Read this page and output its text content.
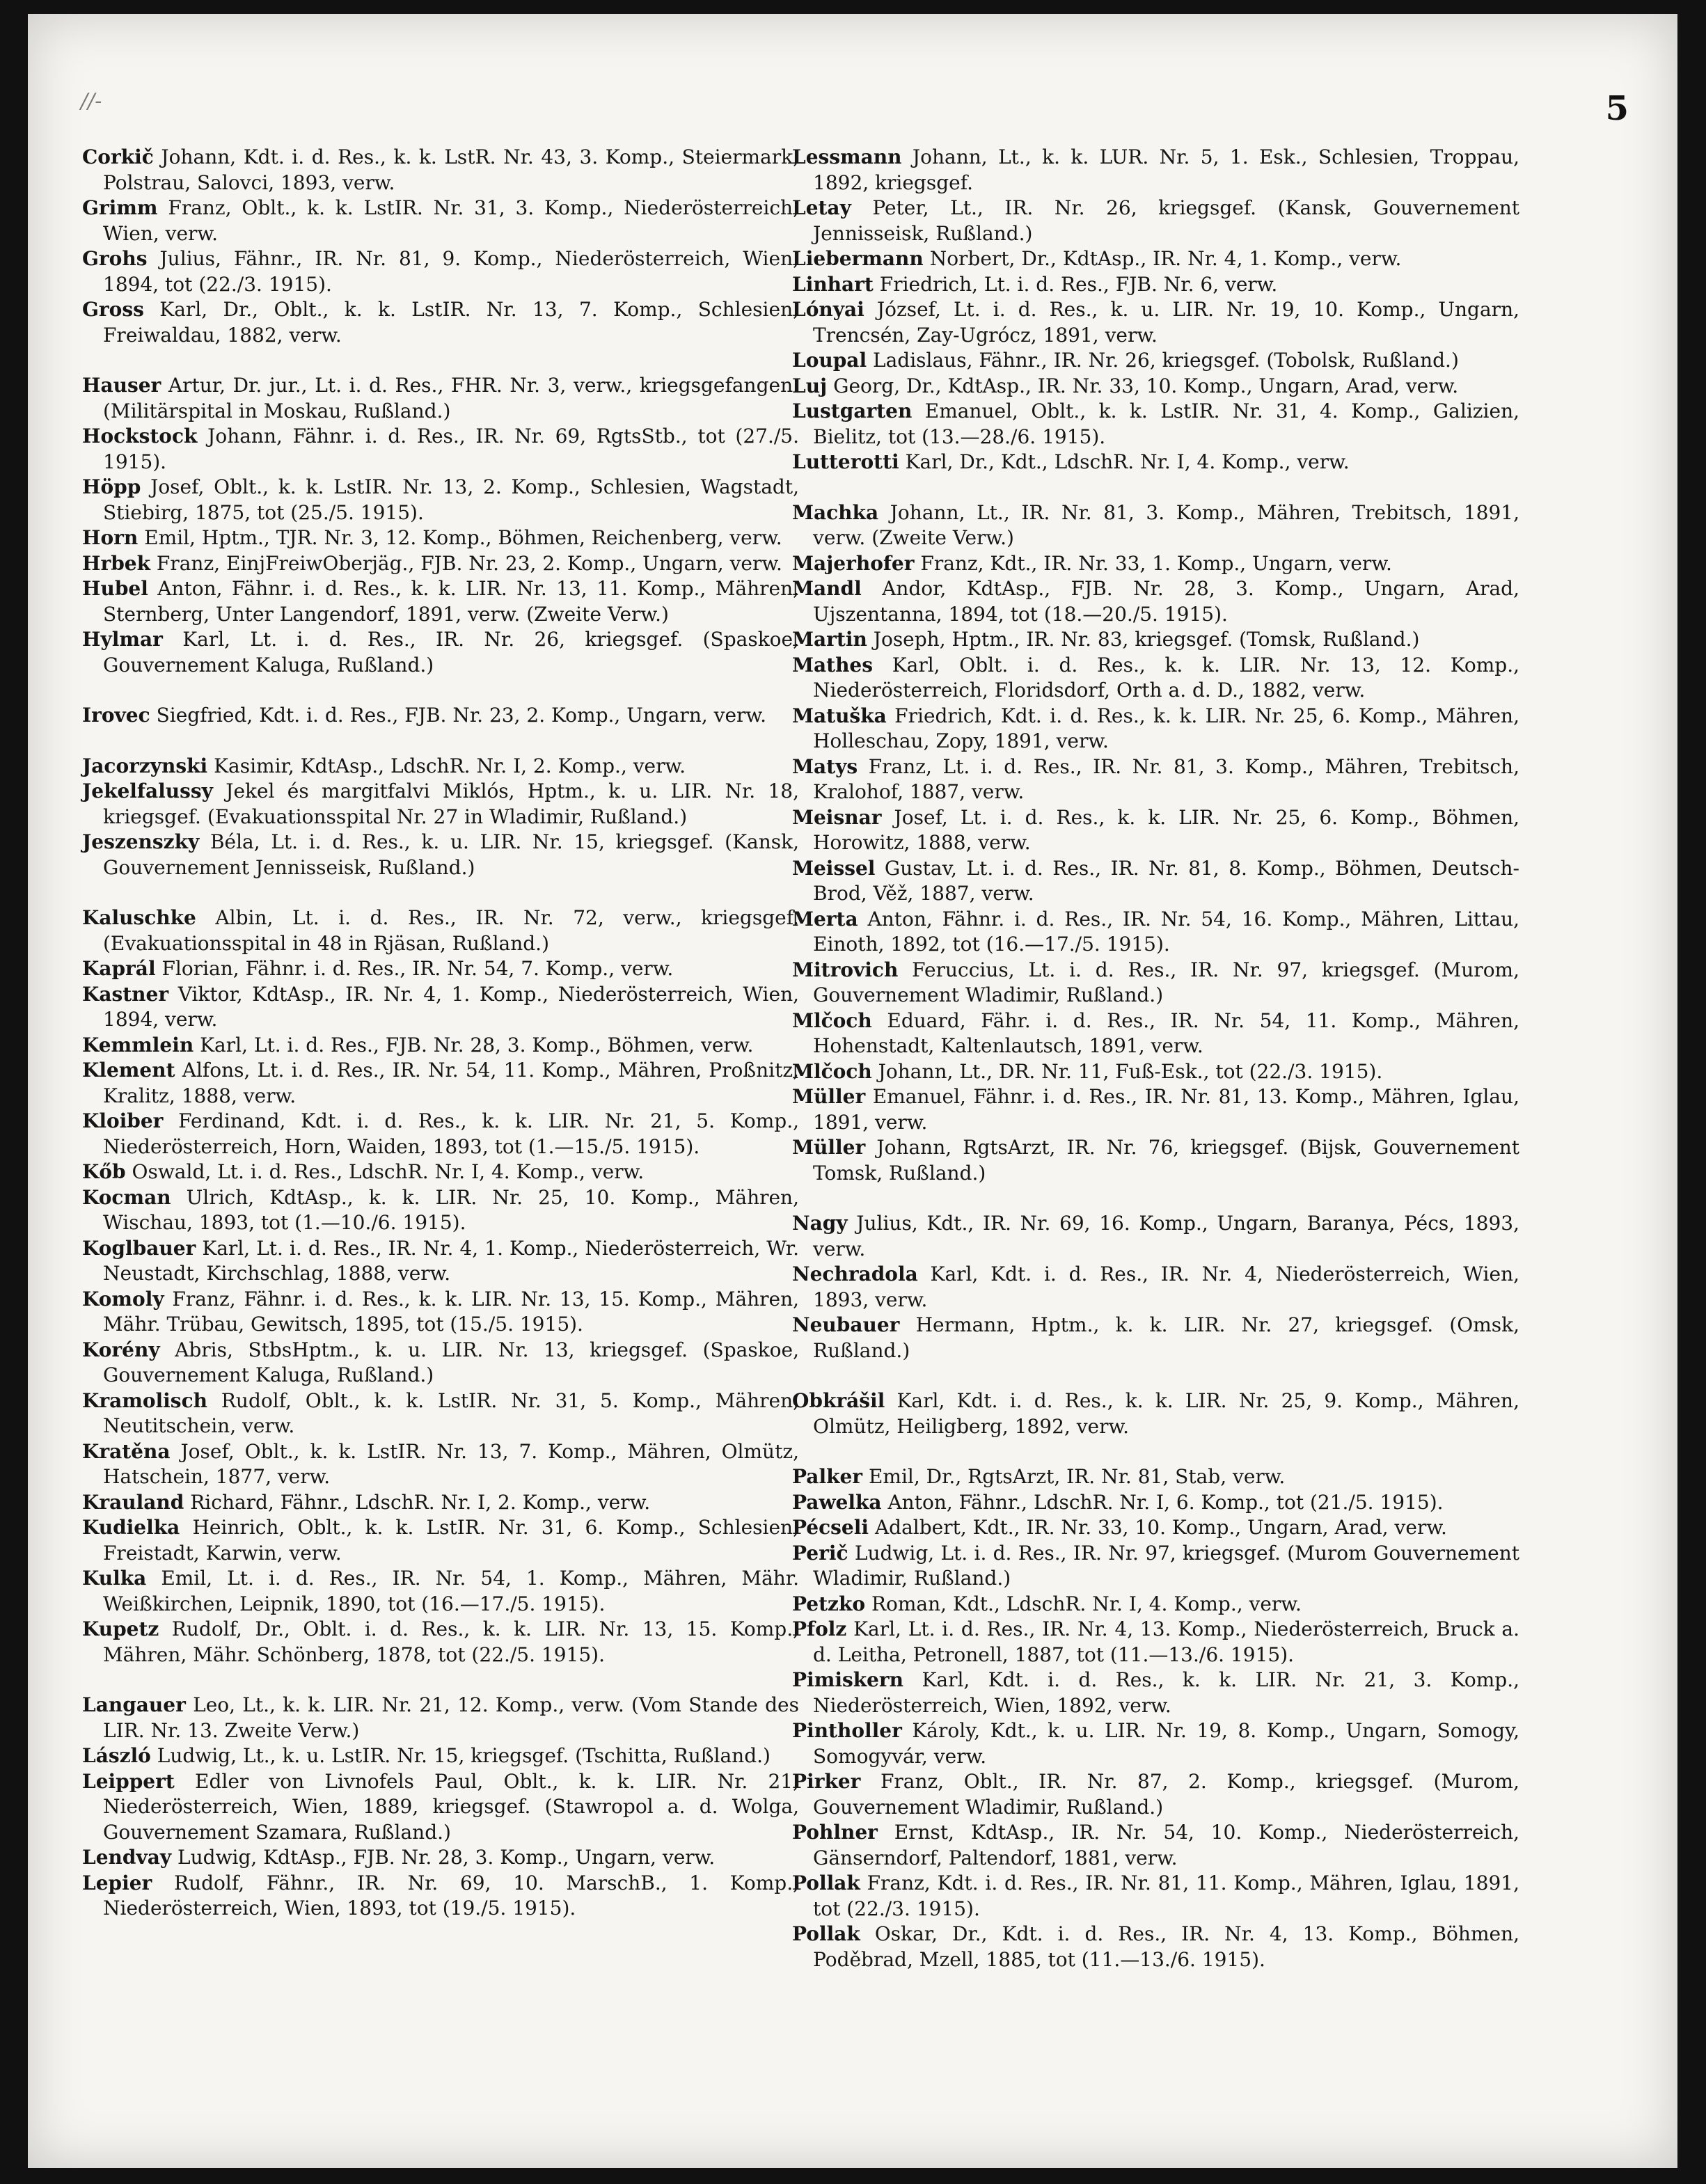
//-	5

Corkič Johann, Kdt. i. d. Res., k. k. LstR. Nr. 43, 3. Komp., Steiermark, Polstrau, Salovci, 1893, verw.

Grimm Franz, Oblt., k. k. LstIR. Nr. 31, 3. Komp., Niederösterreich, Wien, verw.

Grohs Julius, Fähnr., IR. Nr. 81, 9. Komp., Niederösterreich, Wien, 1894, tot (22./3. 1915).

Gross Karl, Dr., Oblt., k. k. LstIR. Nr. 13, 7. Komp., Schlesien, Freiwaldau, 1882, verw.

Hauser Artur, Dr. jur., Lt. i. d. Res., FHR. Nr. 3, verw., kriegsgefangen. (Militärspital in Moskau, Rußland.)

Hockstock Johann, Fähnr. i. d. Res., IR. Nr. 69, RgtsStb., tot (27./5. 1915).

Höpp Josef, Oblt., k. k. LstIR. Nr. 13, 2. Komp., Schlesien, Wagstadt, Stiebirg, 1875, tot (25./5. 1915).

Horn Emil, Hptm., TJR. Nr. 3, 12. Komp., Böhmen, Reichenberg, verw.

Hrbek Franz, EinjFreiwOberjäg., FJB. Nr. 23, 2. Komp., Ungarn, verw.

Hubel Anton, Fähnr. i. d. Res., k. k. LIR. Nr. 13, 11. Komp., Mähren, Sternberg, Unter Langendorf, 1891, verw. (Zweite Verw.)

Hylmar Karl, Lt. i. d. Res., IR. Nr. 26, kriegsgef. (Spaskoe, Gouvernement Kaluga, Rußland.)

Irovec Siegfried, Kdt. i. d. Res., FJB. Nr. 23, 2. Komp., Ungarn, verw.

Jacorzynski Kasimir, KdtAsp., LdschR. Nr. I, 2. Komp., verw.

Jekelfalussy Jekel és margitfalvi Miklós, Hptm., k. u. LIR. Nr. 18, kriegsgef. (Evakuationsspital Nr. 27 in Wladimir, Rußland.)

Jeszenszky Béla, Lt. i. d. Res., k. u. LIR. Nr. 15, kriegsgef. (Kansk, Gouvernement Jennisseisk, Rußland.)

Kaluschke Albin, Lt. i. d. Res., IR. Nr. 72, verw., kriegsgef. (Evakuationsspital in 48 in Rjäsan, Rußland.)

Kaprál Florian, Fähnr. i. d. Res., IR. Nr. 54, 7. Komp., verw.

Kastner Viktor, KdtAsp., IR. Nr. 4, 1. Komp., Niederösterreich, Wien, 1894, verw.

Kemmlein Karl, Lt. i. d. Res., FJB. Nr. 28, 3. Komp., Böhmen, verw.

Klement Alfons, Lt. i. d. Res., IR. Nr. 54, 11. Komp., Mähren, Proßnitz, Kralitz, 1888, verw.

Kloiber Ferdinand, Kdt. i. d. Res., k. k. LIR. Nr. 21, 5. Komp., Niederösterreich, Horn, Waiden, 1893, tot (1.—15./5. 1915).

Kőb Oswald, Lt. i. d. Res., LdschR. Nr. I, 4. Komp., verw.

Kocman Ulrich, KdtAsp., k. k. LIR. Nr. 25, 10. Komp., Mähren, Wischau, 1893, tot (1.—10./6. 1915).

Koglbauer Karl, Lt. i. d. Res., IR. Nr. 4, 1. Komp., Niederösterreich, Wr. Neustadt, Kirchschlag, 1888, verw.

Komoly Franz, Fähnr. i. d. Res., k. k. LIR. Nr. 13, 15. Komp., Mähren, Mähr. Trübau, Gewitsch, 1895, tot (15./5. 1915).

Korény Abris, StbsHptm., k. u. LIR. Nr. 13, kriegsgef. (Spaskoe, Gouvernement Kaluga, Rußland.)

Kramolisch Rudolf, Oblt., k. k. LstIR. Nr. 31, 5. Komp., Mähren, Neutitschein, verw.

Kratěna Josef, Oblt., k. k. LstIR. Nr. 13, 7. Komp., Mähren, Olmütz, Hatschein, 1877, verw.

Krauland Richard, Fähnr., LdschR. Nr. I, 2. Komp., verw.

Kudielka Heinrich, Oblt., k. k. LstIR. Nr. 31, 6. Komp., Schlesien, Freistadt, Karwin, verw.

Kulka Emil, Lt. i. d. Res., IR. Nr. 54, 1. Komp., Mähren, Mähr. Weißkirchen, Leipnik, 1890, tot (16.—17./5. 1915).

Kupetz Rudolf, Dr., Oblt. i. d. Res., k. k. LIR. Nr. 13, 15. Komp., Mähren, Mähr. Schönberg, 1878, tot (22./5. 1915).

Langauer Leo, Lt., k. k. LIR. Nr. 21, 12. Komp., verw. (Vom Stande des LIR. Nr. 13. Zweite Verw.)

László Ludwig, Lt., k. u. LstIR. Nr. 15, kriegsgef. (Tschitta, Rußland.)

Leippert Edler von Livnofels Paul, Oblt., k. k. LIR. Nr. 21, Niederösterreich, Wien, 1889, kriegsgef. (Stawropol a. d. Wolga, Gouvernement Szamara, Rußland.)

Lendvay Ludwig, KdtAsp., FJB. Nr. 28, 3. Komp., Ungarn, verw.

Lepier Rudolf, Fähnr., IR. Nr. 69, 10. MarschB., 1. Komp., Niederösterreich, Wien, 1893, tot (19./5. 1915).

Lessmann Johann, Lt., k. k. LUR. Nr. 5, 1. Esk., Schlesien, Troppau, 1892, kriegsgef.

Letay Peter, Lt., IR. Nr. 26, kriegsgef. (Kansk, Gouvernement Jennisseisk, Rußland.)

Liebermann Norbert, Dr., KdtAsp., IR. Nr. 4, 1. Komp., verw.

Linhart Friedrich, Lt. i. d. Res., FJB. Nr. 6, verw.

Lónyai József, Lt. i. d. Res., k. u. LIR. Nr. 19, 10. Komp., Ungarn, Trencsén, Zay-Ugrócz, 1891, verw.

Loupal Ladislaus, Fähnr., IR. Nr. 26, kriegsgef. (Tobolsk, Rußland.)

Luj Georg, Dr., KdtAsp., IR. Nr. 33, 10. Komp., Ungarn, Arad, verw.

Lustgarten Emanuel, Oblt., k. k. LstIR. Nr. 31, 4. Komp., Galizien, Bielitz, tot (13.—28./6. 1915).

Lutterotti Karl, Dr., Kdt., LdschR. Nr. I, 4. Komp., verw.

Machka Johann, Lt., IR. Nr. 81, 3. Komp., Mähren, Trebitsch, 1891, verw. (Zweite Verw.)

Majerhofer Franz, Kdt., IR. Nr. 33, 1. Komp., Ungarn, verw.

Mandl Andor, KdtAsp., FJB. Nr. 28, 3. Komp., Ungarn, Arad, Ujszentanna, 1894, tot (18.—20./5. 1915).

Martin Joseph, Hptm., IR. Nr. 83, kriegsgef. (Tomsk, Rußland.)

Mathes Karl, Oblt. i. d. Res., k. k. LIR. Nr. 13, 12. Komp., Niederösterreich, Floridsdorf, Orth a. d. D., 1882, verw.

Matuška Friedrich, Kdt. i. d. Res., k. k. LIR. Nr. 25, 6. Komp., Mähren, Holleschau, Zopy, 1891, verw.

Matys Franz, Lt. i. d. Res., IR. Nr. 81, 3. Komp., Mähren, Trebitsch, Kralohof, 1887, verw.

Meisnar Josef, Lt. i. d. Res., k. k. LIR. Nr. 25, 6. Komp., Böhmen, Horowitz, 1888, verw.

Meissel Gustav, Lt. i. d. Res., IR. Nr. 81, 8. Komp., Böhmen, Deutsch-Brod, Věž, 1887, verw.

Merta Anton, Fähnr. i. d. Res., IR. Nr. 54, 16. Komp., Mähren, Littau, Einoth, 1892, tot (16.—17./5. 1915).

Mitrovich Feruccius, Lt. i. d. Res., IR. Nr. 97, kriegsgef. (Murom, Gouvernement Wladimir, Rußland.)

Mlčoch Eduard, Fähr. i. d. Res., IR. Nr. 54, 11. Komp., Mähren, Hohenstadt, Kaltenlautsch, 1891, verw.

Mlčoch Johann, Lt., DR. Nr. 11, Fuß-Esk., tot (22./3. 1915).

Müller Emanuel, Fähnr. i. d. Res., IR. Nr. 81, 13. Komp., Mähren, Iglau, 1891, verw.

Müller Johann, RgtsArzt, IR. Nr. 76, kriegsgef. (Bijsk, Gouvernement Tomsk, Rußland.)

Nagy Julius, Kdt., IR. Nr. 69, 16. Komp., Ungarn, Baranya, Pécs, 1893, verw.

Nechradola Karl, Kdt. i. d. Res., IR. Nr. 4, Niederösterreich, Wien, 1893, verw.

Neubauer Hermann, Hptm., k. k. LIR. Nr. 27, kriegsgef. (Omsk, Rußland.)

Obkrášil Karl, Kdt. i. d. Res., k. k. LIR. Nr. 25, 9. Komp., Mähren, Olmütz, Heiligberg, 1892, verw.

Palker Emil, Dr., RgtsArzt, IR. Nr. 81, Stab, verw.

Pawelka Anton, Fähnr., LdschR. Nr. I, 6. Komp., tot (21./5. 1915).

Pécseli Adalbert, Kdt., IR. Nr. 33, 10. Komp., Ungarn, Arad, verw.

Perič Ludwig, Lt. i. d. Res., IR. Nr. 97, kriegsgef. (Murom Gouvernement Wladimir, Rußland.)

Petzko Roman, Kdt., LdschR. Nr. I, 4. Komp., verw.

Pfolz Karl, Lt. i. d. Res., IR. Nr. 4, 13. Komp., Niederösterreich, Bruck a. d. Leitha, Petronell, 1887, tot (11.—13./6. 1915).

Pimiskern Karl, Kdt. i. d. Res., k. k. LIR. Nr. 21, 3. Komp., Niederösterreich, Wien, 1892, verw.

Pintholler Károly, Kdt., k. u. LIR. Nr. 19, 8. Komp., Ungarn, Somogy, Somogyvár, verw.

Pirker Franz, Oblt., IR. Nr. 87, 2. Komp., kriegsgef. (Murom, Gouvernement Wladimir, Rußland.)

Pohlner Ernst, KdtAsp., IR. Nr. 54, 10. Komp., Niederösterreich, Gänserndorf, Paltendorf, 1881, verw.

Pollak Franz, Kdt. i. d. Res., IR. Nr. 81, 11. Komp., Mähren, Iglau, 1891, tot (22./3. 1915).

Pollak Oskar, Dr., Kdt. i. d. Res., IR. Nr. 4, 13. Komp., Böhmen, Poděbrad, Mzell, 1885, tot (11.—13./6. 1915).
